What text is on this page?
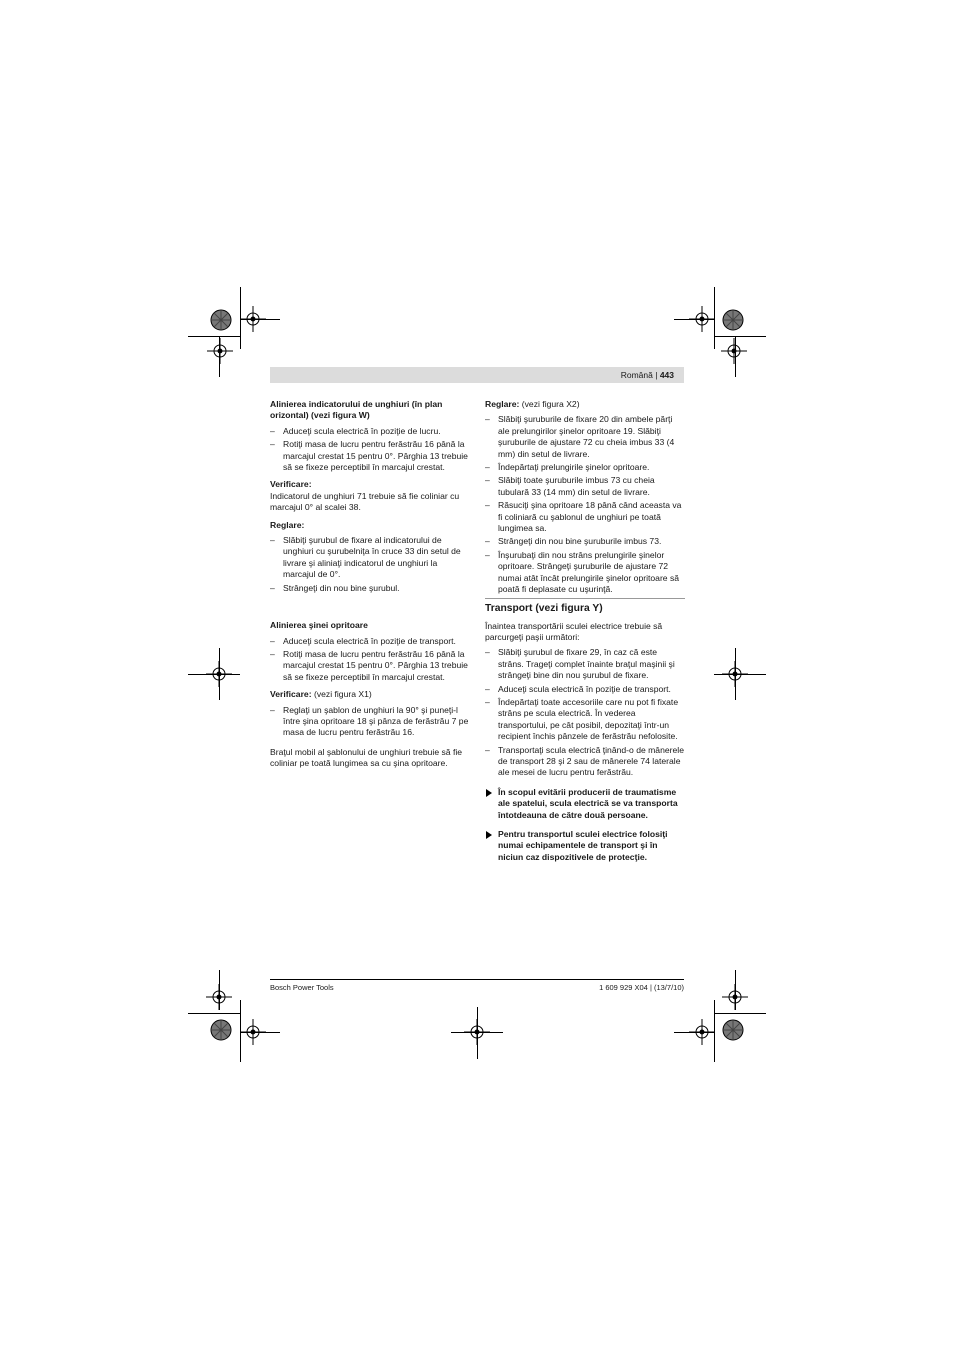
Română | 443

Alinierea indicatorului de unghiuri (în plan orizontal) (vezi figura W)

– Aduceţi scula electrică în poziţie de lucru.
– Rotiţi masa de lucru pentru ferăstrău 16 până la marcajul crestat 15 pentru 0°. Pârghia 13 trebuie să se fixeze perceptibil în marcajul crestat.

Verificare:

Indicatorul de unghiuri 71 trebuie să fie coliniar cu marcajul 0° al scalei 38.

Reglare:

– Slăbiţi şurubul de fixare al indicatorului de unghiuri cu şurubelniţa în cruce 33 din setul de livrare şi aliniaţi indicatorul de unghiuri la marcajul de 0°.
– Strângeţi din nou bine şurubul.

Alinierea şinei opritoare

– Aduceţi scula electrică în poziţie de transport.
– Rotiţi masa de lucru pentru ferăstrău 16 până la marcajul crestat 15 pentru 0°. Pârghia 13 trebuie să se fixeze perceptibil în marcajul crestat.

Verificare: (vezi figura X1)

– Reglaţi un şablon de unghiuri la 90° şi puneţi-l între şina opritoare 18 şi pânza de ferăstrău 7 pe masa de lucru pentru ferăstrău 16.

Braţul mobil al şablonului de unghiuri trebuie să fie coliniar pe toată lungimea sa cu şina opritoare.

Reglare: (vezi figura X2)

– Slăbiţi şuruburile de fixare 20 din ambele părţi ale prelungirilor şinelor opritoare 19. Slăbiţi şuruburile de ajustare 72 cu cheia imbus 33 (4 mm) din setul de livrare.
– Îndepărtaţi prelungirile şinelor opritoare.
– Slăbiţi toate şuruburile imbus 73 cu cheia tubulară 33 (14 mm) din setul de livrare.
– Răsuciţi şina opritoare 18 până când aceasta va fi coliniară cu şablonul de unghiuri pe toată lungimea sa.
– Strângeţi din nou bine şuruburile imbus 73.
– Înşurubaţi din nou strâns prelungirile şinelor opritoare. Strângeţi şuruburile de ajustare 72 numai atât încât prelungirile şinelor opritoare să poată fi deplasate cu uşurinţă.

Transport (vezi figura Y)

Înaintea transportării sculei electrice trebuie să parcurgeţi paşii următori:

– Slăbiţi şurubul de fixare 29, în caz că este strâns. Trageţi complet înainte braţul maşinii şi strângeţi bine din nou şurubul de fixare.
– Aduceţi scula electrică în poziţie de transport.
– Îndepărtaţi toate accesoriile care nu pot fi fixate strâns pe scula electrică. În vederea transportului, pe cât posibil, depozitaţi într-un recipient închis pânzele de ferăstrău nefolosite.
– Transportaţi scula electrică ţinând-o de mânerele de transport 28 şi 2 sau de mânerele 74 laterale ale mesei de lucru pentru ferăstrău.
În scopul evitării producerii de traumatisme ale spatelui, scula electrică se va transporta întotdeauna de către două persoane.
Pentru transportul sculei electrice folosiţi numai echipamentele de transport şi în niciun caz dispozitivele de protecţie.
Bosch Power Tools	1 609 929 X04 | (13/7/10)
